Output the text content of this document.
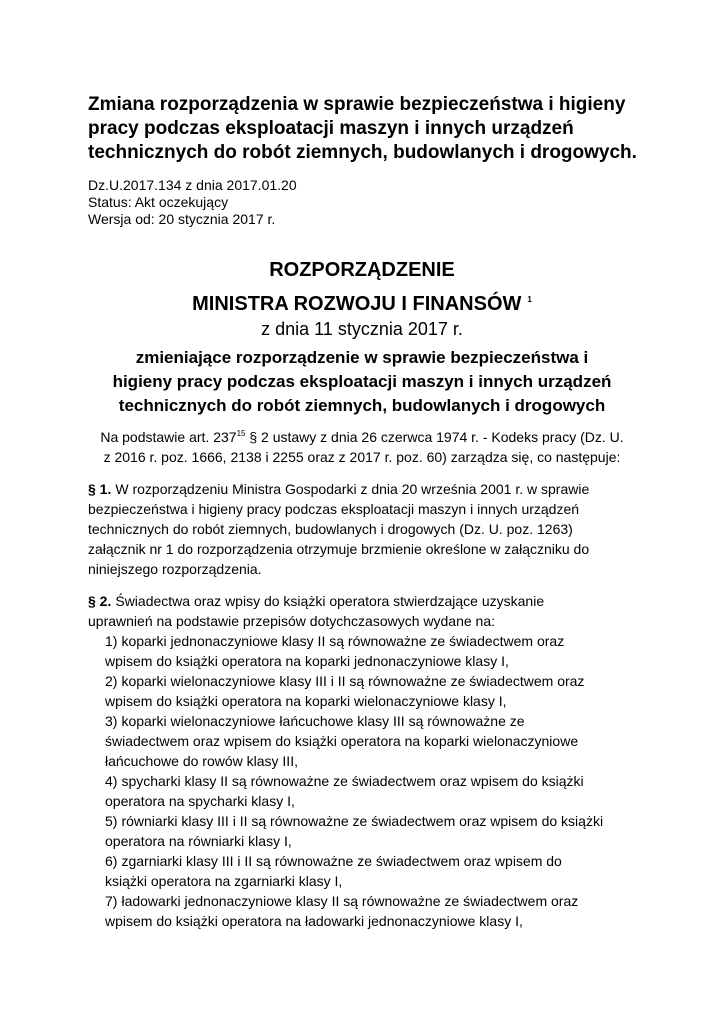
Zmiana rozporządzenia w sprawie bezpieczeństwa i higieny pracy podczas eksploatacji maszyn i innych urządzeń technicznych do robót ziemnych, budowlanych i drogowych.
Dz.U.2017.134 z dnia 2017.01.20
Status: Akt oczekujący
Wersja od: 20 stycznia 2017 r.
ROZPORZĄDZENIE
MINISTRA ROZWOJU I FINANSÓW $^1$
z dnia 11 stycznia 2017 r.
zmieniające rozporządzenie w sprawie bezpieczeństwa i
higieny pracy podczas eksploatacji maszyn i innych urządzeń
technicznych do robót ziemnych, budowlanych i drogowych
Na podstawie art. $237^{15}$ § 2 ustawy z dnia 26 czerwca 1974 r. - Kodeks pracy (Dz. U.
z 2016 r. poz. 1666, 2138 i 2255 oraz z 2017 r. poz. 60) zarządza się, co następuje:
§ 1. W rozporządzeniu Ministra Gospodarki z dnia 20 września 2001 r. w sprawie
bezpieczeństwa i higieny pracy podczas eksploatacji maszyn i innych urządzeń
technicznych do robót ziemnych, budowlanych i drogowych (Dz. U. poz. 1263)
załącznik nr 1 do rozporządzenia otrzymuje brzmienie określone w załączniku do
niniejszego rozporządzenia.
§ 2. Świadectwa oraz wpisy do książki operatora stwierdzające uzyskanie
uprawnień na podstawie przepisów dotychczasowych wydane na:
1) koparki jednonaczyniowe klasy II są równoważne ze świadectwem oraz
wpisem do książki operatora na koparki jednonaczyniowe klasy I,
2) koparki wielonaczyniowe klasy III i II są równoważne ze świadectwem oraz
wpisem do książki operatora na koparki wielonaczyniowe klasy I,
3) koparki wielonaczyniowe łańcuchowe klasy III są równoważne ze
świadectwem oraz wpisem do książki operatora na koparki wielonaczyniowe
łańcuchowe do rowów klasy III,
4) spycharki klasy II są równoważne ze świadectwem oraz wpisem do książki
operatora na spycharki klasy I,
5) równiarki klasy III i II są równoważne ze świadectwem oraz wpisem do książki
operatora na równiarki klasy I,
6) zgarniarki klasy III i II są równoważne ze świadectwem oraz wpisem do
książki operatora na zgarniarki klasy I,
7) ładowarki jednonaczyniowe klasy II są równoważne ze świadectwem oraz
wpisem do książki operatora na ładowarki jednonaczyniowe klasy I,
